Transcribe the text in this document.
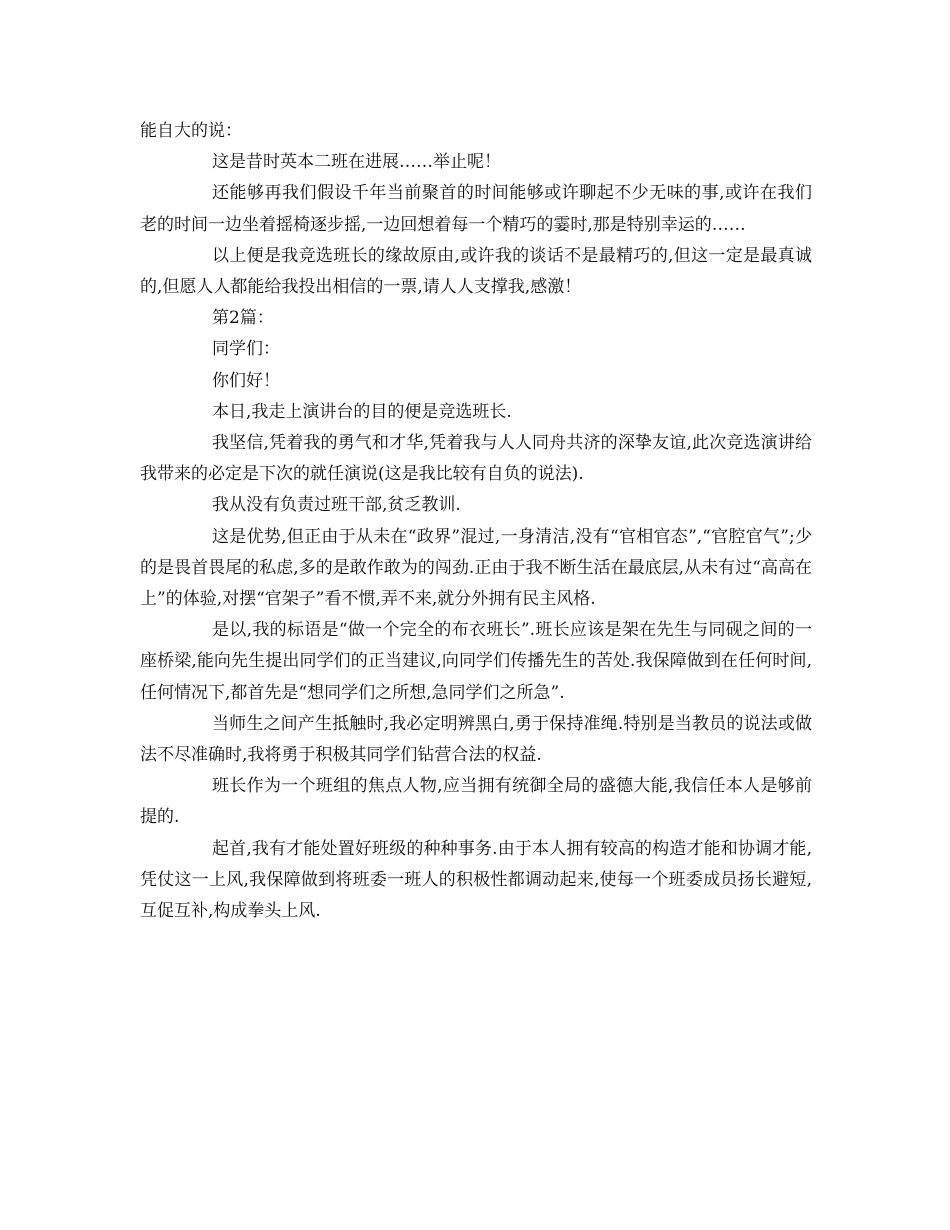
能自大的说：

这是昔时英本二班在进展……举止呢！

还能够再我们假设千年当前聚首的时间能够或许聊起不少无味的事,或许在我们老的时间一边坐着摇椅逐步摇,一边回想着每一个精巧的霎时,那是特别幸运的……

以上便是我竞选班长的缘故原由,或许我的谈话不是最精巧的,但这一定是最真诚的,但愿人人都能给我投出相信的一票,请人人支撑我,感激！

第2篇：

同学们：

你们好！

本日,我走上演讲台的目的便是竞选班长.

我坚信,凭着我的勇气和才华,凭着我与人人同舟共济的深挚友谊,此次竞选演讲给我带来的必定是下次的就任演说(这是我比较有自负的说法).

我从没有负责过班干部,贫乏教训.

这是优势,但正由于从未在“政界”混过,一身清洁,没有“官相官态”,“官腔官气”;少的是畏首畏尾的私虑,多的是敢作敢为的闯劲.正由于我不断生活在最底层,从未有过“高高在上”的体验,对摆“官架子”看不惯,弄不来,就分外拥有民主风格.

是以,我的标语是“做一个完全的布衣班长”.班长应该是架在先生与同砚之间的一座桥梁,能向先生提出同学们的正当建议,向同学们传播先生的苦处.我保障做到在任何时间,任何情况下,都首先是“想同学们之所想,急同学们之所急”.

当师生之间产生抵触时,我必定明辨黑白,勇于保持准绳.特别是当教员的说法或做法不尽准确时,我将勇于积极其同学们钻营合法的权益.

班长作为一个班组的焦点人物,应当拥有统御全局的盛德大能,我信任本人是够前提的.

起首,我有才能处置好班级的种种事务.由于本人拥有较高的构造才能和协调才能,凭仗这一上风,我保障做到将班委一班人的积极性都调动起来,使每一个班委成员扬长避短,互促互补,构成拳头上风.
